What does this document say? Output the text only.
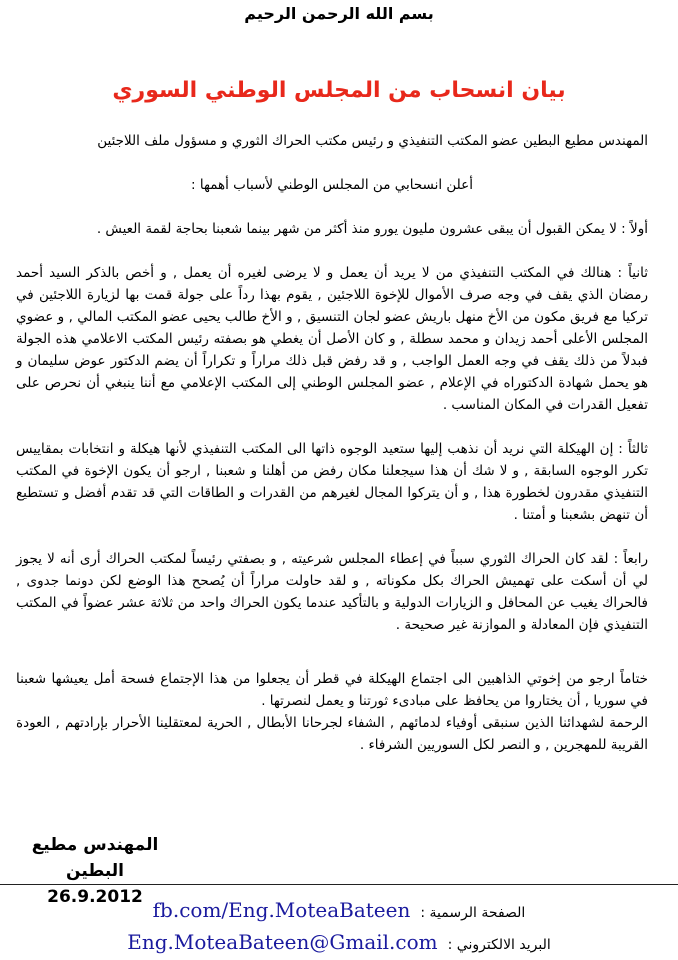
بسم الله الرحمن الرحيم
بيان انسحاب من المجلس الوطني السوري

المهندس مطيع البطين عضو المكتب التنفيذي و رئيس مكتب الحراك الثوري و مسؤول ملف اللاجئين

أعلن انسحابي من المجلس الوطني لأسباب أهمها :

أولاً : لا يمكن القبول أن يبقى عشرون مليون يورو منذ أكثر من شهر بينما شعبنا بحاجة لقمة العيش .

ثانياً : هنالك في المكتب التنفيذي من لا يريد أن يعمل و لا يرضى لغيره أن يعمل , و أخص بالذكر السيد أحمد رمضان الذي يقف في وجه صرف الأموال للإخوة اللاجئين , يقوم بهذا رداً على جولة قمت بها لزيارة اللاجئين في تركيا مع فريق مكون من الأخ منهل باريش عضو لجان التنسيق , و الأخ طالب يحيى عضو المكتب المالي , و عضوي المجلس الأعلى أحمد زيدان و محمد سطلة , و كان الأصل أن يغطي هو بصفته رئيس المكتب الاعلامي هذه الجولة فبدلاً من ذلك يقف في وجه العمل الواجب , و قد رفض قبل ذلك مراراً و تكراراً أن يضم الدكتور عوض سليمان و هو يحمل شهادة الدكتوراه في الإعلام , عضو المجلس الوطني إلى المكتب الإعلامي مع أننا ينبغي أن نحرص على تفعيل القدرات في المكان المناسب .

ثالثاً : إن الهيكلة التي نريد أن نذهب إليها ستعيد الوجوه ذاتها الى المكتب التنفيذي لأنها هيكلة و انتخابات بمقاييس تكرر الوجوه السابقة , و لا شك أن هذا سيجعلنا مكان رفض من أهلنا و شعبنا , ارجو أن يكون الإخوة في المكتب التنفيذي مقدرون لخطورة هذا , و أن يتركوا المجال لغيرهم من القدرات و الطاقات التي قد تقدم أفضل و تستطيع أن تنهض بشعبنا و أمتنا .

رابعاً : لقد كان الحراك الثوري سبباً في إعطاء المجلس شرعيته , و بصفتي رئيساً لمكتب الحراك أرى أنه لا يجوز لي أن أسكت على تهميش الحراك بكل مكوناته , و لقد حاولت مراراً أن يُصحح هذا الوضع لكن دونما جدوى , فالحراك يغيب عن المحافل و الزيارات الدولية و بالتأكيد عندما يكون الحراك واحد من ثلاثة عشر عضواً في المكتب التنفيذي فإن المعادلة و الموازنة غير صحيحة .

ختاماً ارجو من إخوتي الذاهبين الى اجتماع الهيكلة في قطر أن يجعلوا من هذا الإجتماع فسحة أمل يعيشها شعبنا في سوريا , أن يختاروا من يحافظ على مبادىء ثورتنا و يعمل لنصرتها .

الرحمة لشهدائنا الذين سنبقى أوفياء لدمائهم , الشفاء لجرحانا الأبطال , الحرية لمعتقلينا الأحرار بإرادتهم , العودة القريبة للمهجرين , و النصر لكل السوريين الشرفاء .

المهندس مطيع البطين
26.9.2012
fb.com/Eng.MoteaBateen الصفحة الرسمية :
Eng.MoteaBateen@Gmail.com البريد الالكتروني :
